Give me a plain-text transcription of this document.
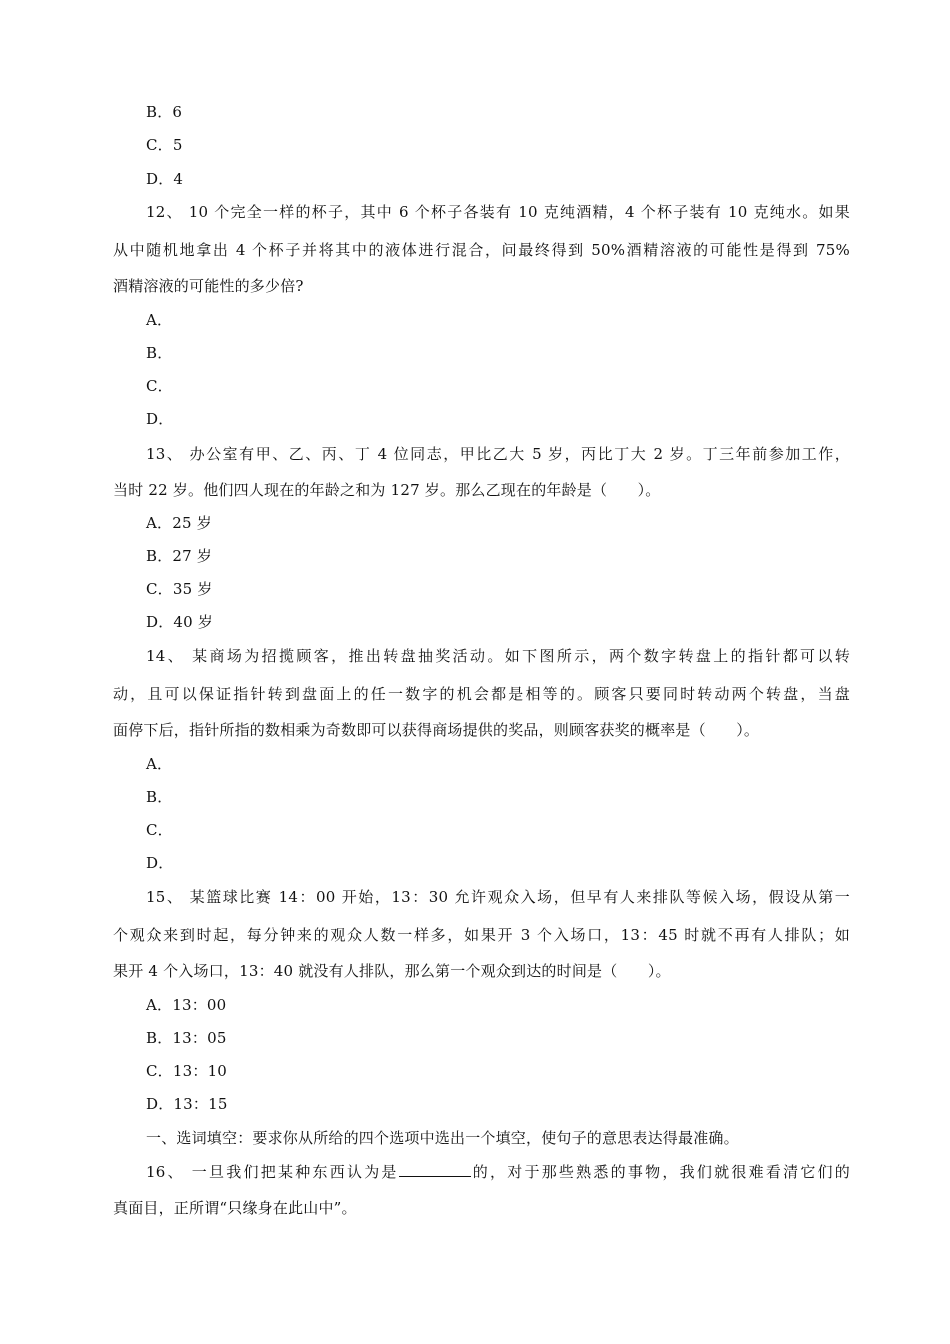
B．6
C．5
D．4
12、 10 个完全一样的杯子，其中 6 个杯子各装有 10 克纯酒精，4 个杯子装有 10 克纯水。如果
从中随机地拿出 4 个杯子并将其中的液体进行混合，问最终得到 50%酒精溶液的可能性是得到 75%
酒精溶液的可能性的多少倍?
A．
B．
C．
D．
13、 办公室有甲、乙、丙、丁 4 位同志，甲比乙大 5 岁，丙比丁大 2 岁。丁三年前参加工作，
当时 22 岁。他们四人现在的年龄之和为 127 岁。那么乙现在的年龄是（　　）。
A．25 岁
B．27 岁
C．35 岁
D．40 岁
14、 某商场为招揽顾客，推出转盘抽奖活动。如下图所示，两个数字转盘上的指针都可以转
动，且可以保证指针转到盘面上的任一数字的机会都是相等的。顾客只要同时转动两个转盘，当盘
面停下后，指针所指的数相乘为奇数即可以获得商场提供的奖品，则顾客获奖的概率是（　　）。
A．
B．
C．
D．
15、 某篮球比赛 14：00 开始，13：30 允许观众入场，但早有人来排队等候入场，假设从第一
个观众来到时起，每分钟来的观众人数一样多，如果开 3 个入场口，13：45 时就不再有人排队；如
果开 4 个入场口，13：40 就没有人排队，那么第一个观众到达的时间是（　　）。
A．13：00
B．13：05
C．13：10
D．13：15
一、选词填空：要求你从所给的四个选项中选出一个填空，使句子的意思表达得最准确。
16、 一旦我们把某种东西认为是	的，对于那些熟悉的事物，我们就很难看清它们的
真面目，正所谓“只缘身在此山中”。
